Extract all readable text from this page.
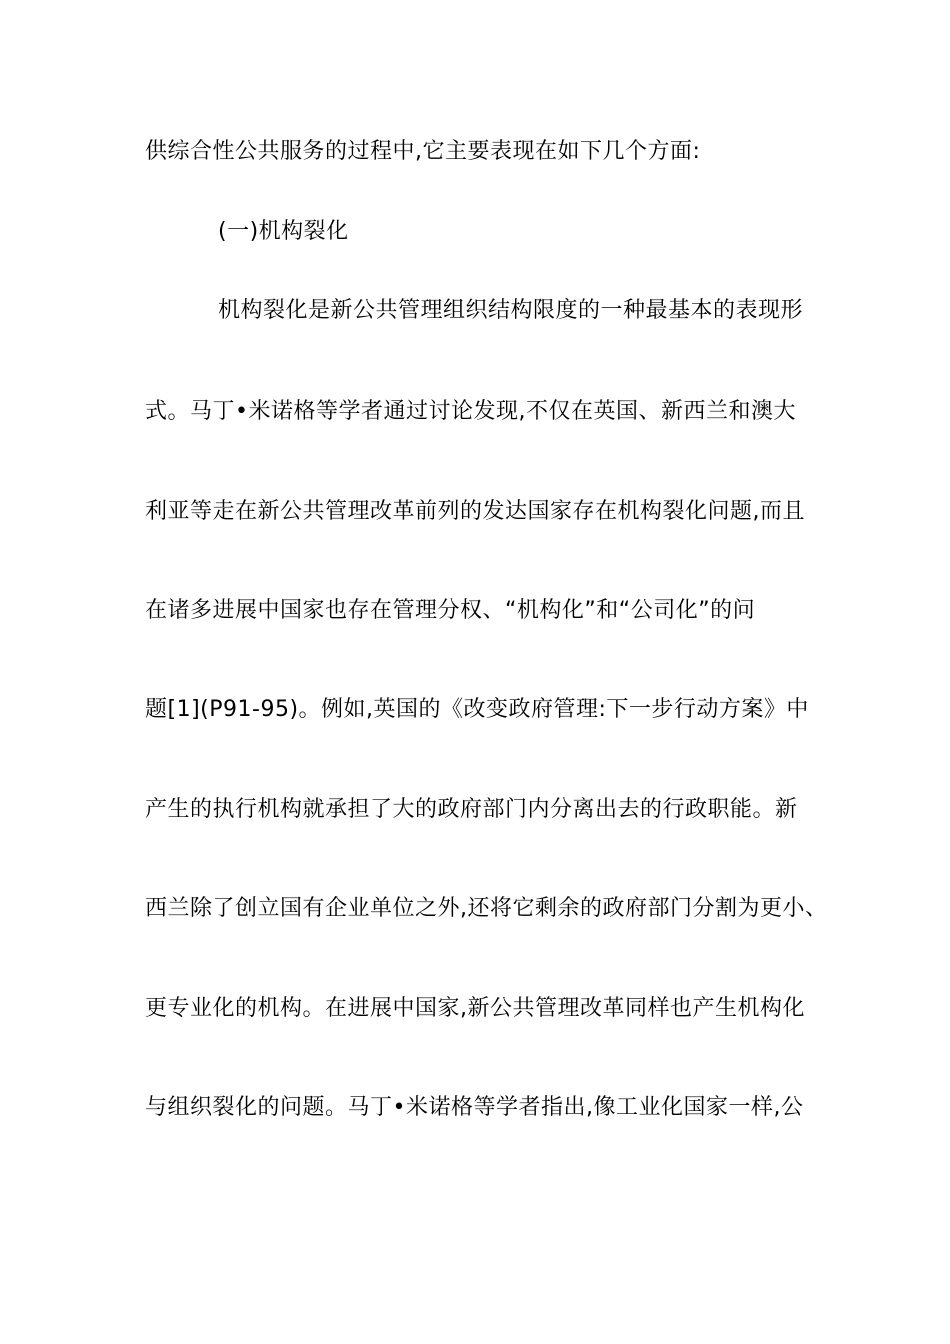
供综合性公共服务的过程中,它主要表现在如下几个方面:
(一)机构裂化
机构裂化是新公共管理组织结构限度的一种最基本的表现形
式。马丁•米诺格等学者通过讨论发现,不仅在英国、新西兰和澳大
利亚等走在新公共管理改革前列的发达国家存在机构裂化问题,而且
在诸多进展中国家也存在管理分权、“机构化”和“公司化”的问
题[1](P91-95)。例如,英国的《改变政府管理:下一步行动方案》中
产生的执行机构就承担了大的政府部门内分离出去的行政职能。新
西兰除了创立国有企业单位之外,还将它剩余的政府部门分割为更小、
更专业化的机构。在进展中国家,新公共管理改革同样也产生机构化
与组织裂化的问题。马丁•米诺格等学者指出,像工业化国家一样,公
